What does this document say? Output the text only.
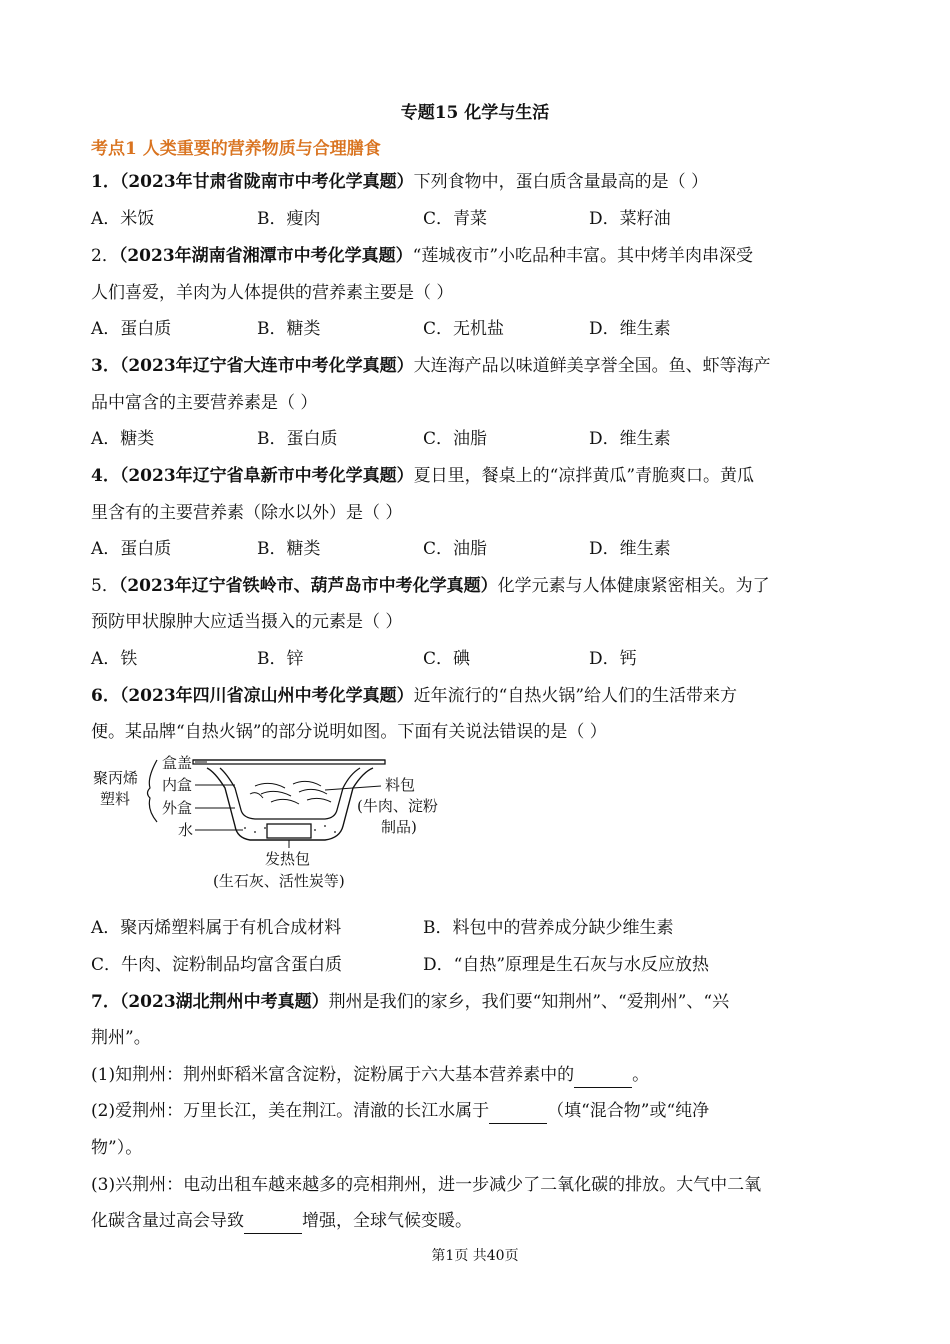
专题15 化学与生活
考点1 人类重要的营养物质与合理膳食
1．（2023年甘肃省陇南市中考化学真题）下列食物中，蛋白质含量最高的是（ ）
A．米饭	B．瘦肉	C．青菜	D．菜籽油
2．（2023年湖南省湘潭市中考化学真题）“莲城夜市”小吃品种丰富。其中烤羊肉串深受
人们喜爱，羊肉为人体提供的营养素主要是（ ）
A．蛋白质	B．糖类	C．无机盐	D．维生素
3．（2023年辽宁省大连市中考化学真题）大连海产品以味道鲜美享誉全国。鱼、虾等海产
品中富含的主要营养素是（ ）
A．糖类	B．蛋白质	C．油脂	D．维生素
4．（2023年辽宁省阜新市中考化学真题）夏日里，餐桌上的“凉拌黄瓜”青脆爽口。黄瓜
里含有的主要营养素（除水以外）是（ ）
A．蛋白质	B．糖类	C．油脂	D．维生素
5．（2023年辽宁省铁岭市、葫芦岛市中考化学真题）化学元素与人体健康紧密相关。为了
预防甲状腺肿大应适当摄入的元素是（ ）
A．铁	B．锌	C．碘	D．钙
6．（2023年四川省凉山州中考化学真题）近年流行的“自热火锅”给人们的生活带来方
便。某品牌“自热火锅”的部分说明如图。下面有关说法错误的是（ ）
聚丙烯
塑料
盒盖
内盒
外盒
水
料包
(牛肉、淀粉
制品)
发热包
(生石灰、活性炭等)
A．聚丙烯塑料属于有机合成材料	B．料包中的营养成分缺少维生素
C．牛肉、淀粉制品均富含蛋白质	D．“自热”原理是生石灰与水反应放热
7．（2023湖北荆州中考真题）荆州是我们的家乡，我们要“知荆州”、“爱荆州”、“兴
荆州”。
(1)知荆州：荆州虾稻米富含淀粉，淀粉属于六大基本营养素中的	。
(2)爱荆州：万里长江，美在荆江。清澈的长江水属于	（填“混合物”或“纯净
物”）。
(3)兴荆州：电动出租车越来越多的亮相荆州，进一步减少了二氧化碳的排放。大气中二氧
化碳含量过高会导致	增强，全球气候变暖。
第1页 共40页
